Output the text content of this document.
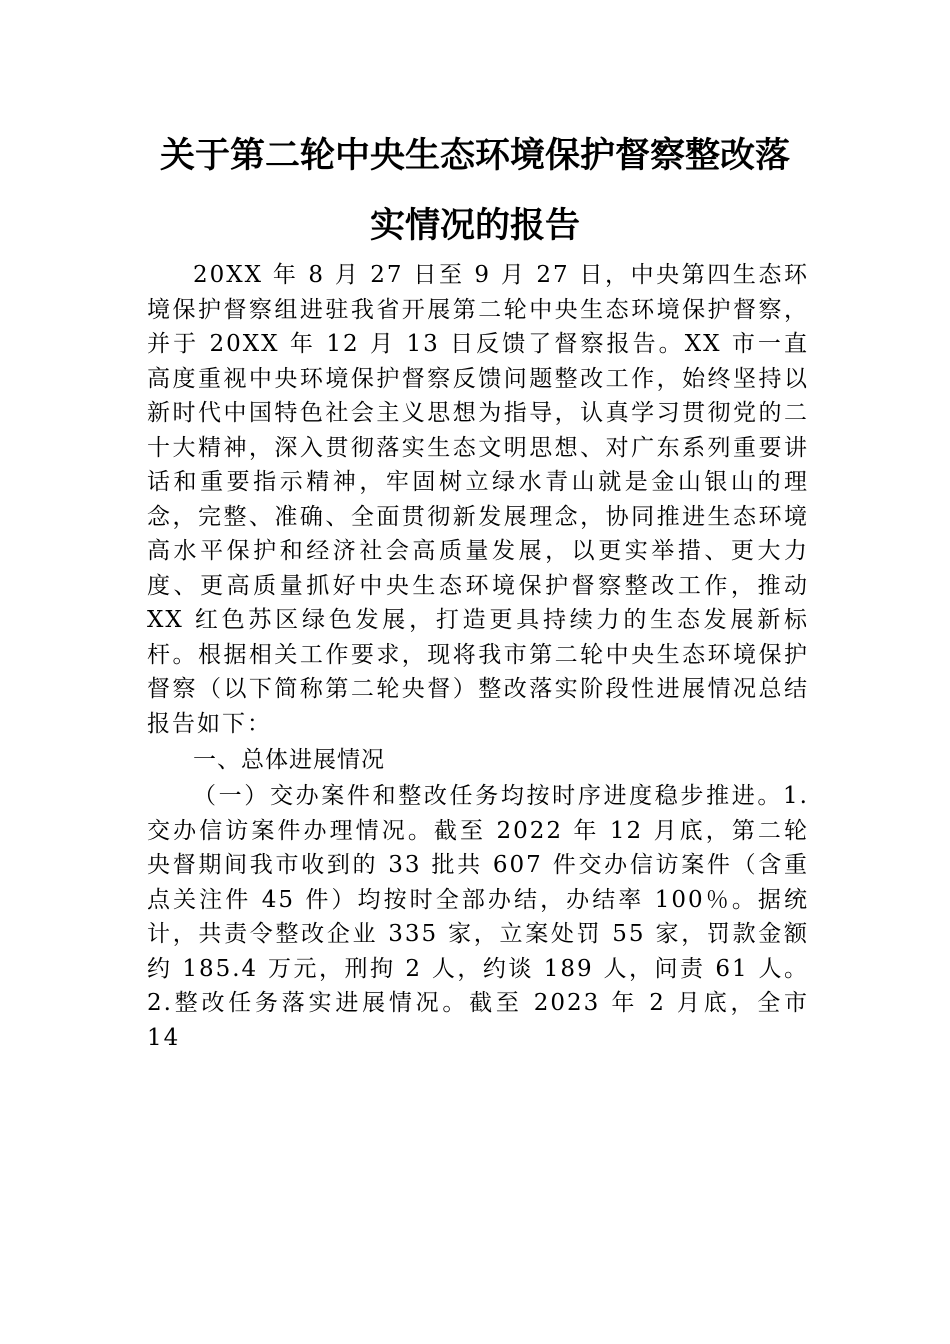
关于第二轮中央生态环境保护督察整改落
实情况的报告

20XX 年 8 月 27 日至 9 月 27 日，中央第四生态环境保护督察组进驻我省开展第二轮中央生态环境保护督察，并于 20XX 年 12 月 13 日反馈了督察报告。XX 市一直高度重视中央环境保护督察反馈问题整改工作，始终坚持以新时代中国特色社会主义思想为指导，认真学习贯彻党的二十大精神，深入贯彻落实生态文明思想、对广东系列重要讲话和重要指示精神，牢固树立绿水青山就是金山银山的理念，完整、准确、全面贯彻新发展理念，协同推进生态环境高水平保护和经济社会高质量发展，以更实举措、更大力度、更高质量抓好中央生态环境保护督察整改工作，推动 XX 红色苏区绿色发展，打造更具持续力的生态发展新标杆。根据相关工作要求，现将我市第二轮中央生态环境保护督察（以下简称第二轮央督）整改落实阶段性进展情况总结报告如下：

一、总体进展情况

（一）交办案件和整改任务均按时序进度稳步推进。1.交办信访案件办理情况。截至 2022 年 12 月底，第二轮央督期间我市收到的 33 批共 607 件交办信访案件（含重点关注件 45 件）均按时全部办结，办结率 100％。据统计，共责令整改企业 335 家，立案处罚 55 家，罚款金额约 185.4 万元，刑拘 2 人，约谈 189 人，问责 61 人。2.整改任务落实进展情况。截至 2023 年 2 月底，全市 14
